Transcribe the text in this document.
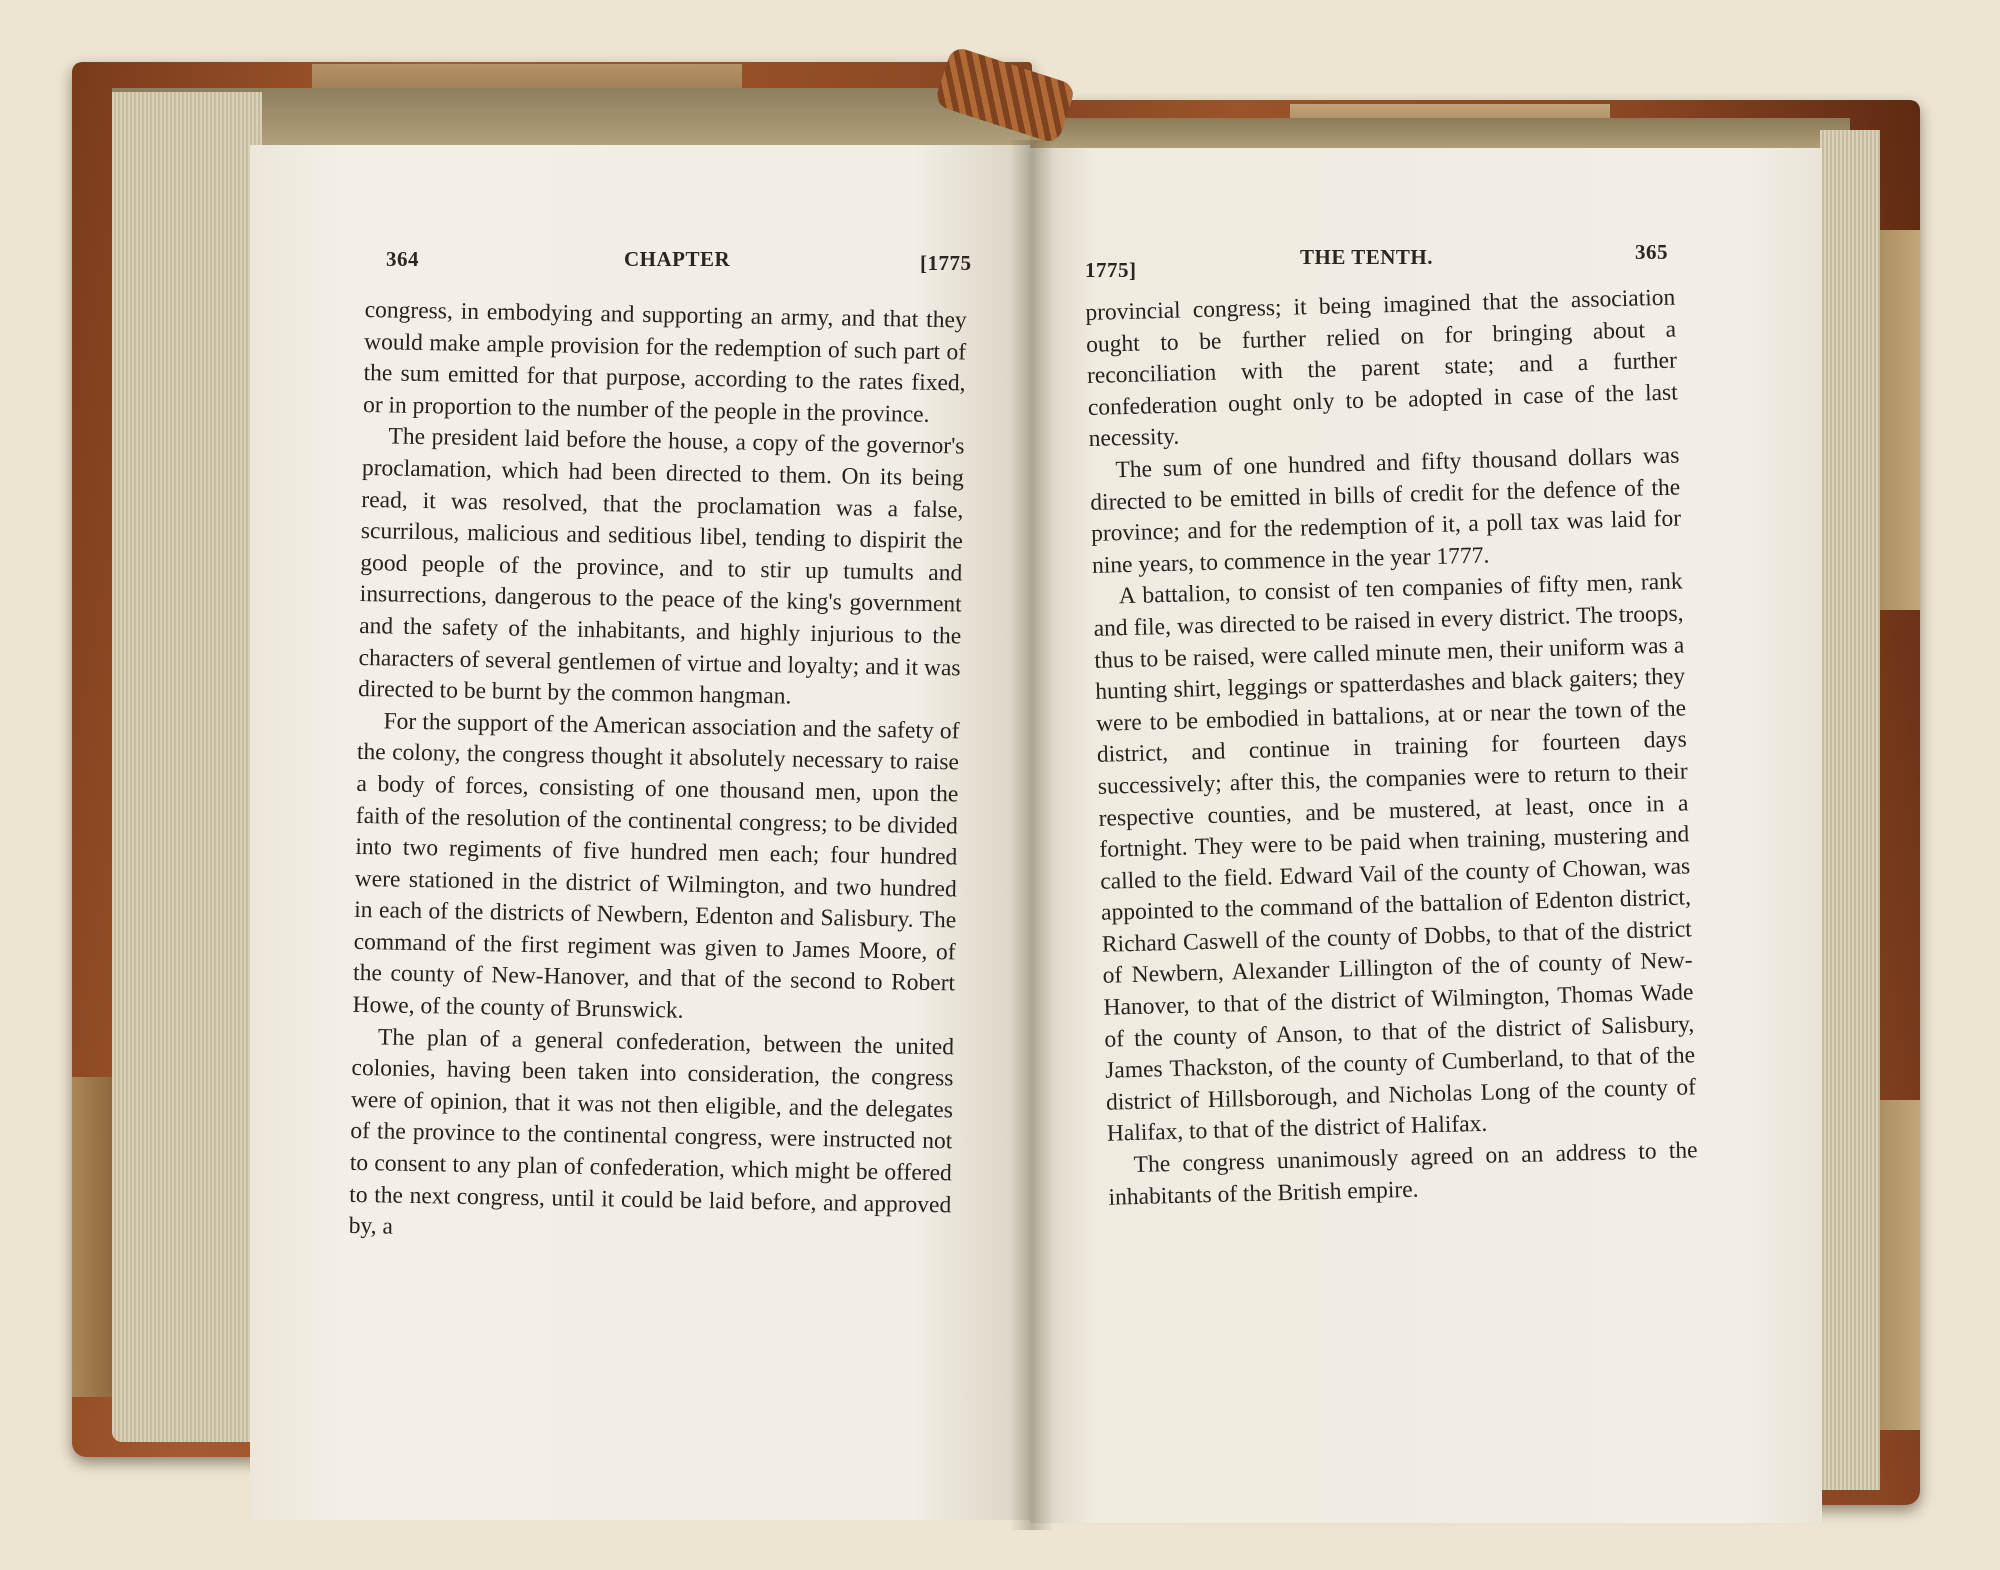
364	CHAPTER	[1775

congress, in embodying and supporting an army, and that they would make ample provision for the redemption of such part of the sum emitted for that purpose, according to the rates fixed, or in proportion to the number of the people in the province.

The president laid before the house, a copy of the governor's proclamation, which had been directed to them. On its being read, it was resolved, that the proclamation was a false, scurrilous, malicious and seditious libel, tending to dispirit the good people of the province, and to stir up tumults and insurrections, dangerous to the peace of the king's government and the safety of the inhabitants, and highly injurious to the characters of several gentlemen of virtue and loyalty; and it was directed to be burnt by the common hangman.

For the support of the American association and the safety of the colony, the congress thought it absolutely necessary to raise a body of forces, consisting of one thousand men, upon the faith of the resolution of the continental congress; to be divided into two regiments of five hundred men each; four hundred were stationed in the district of Wilmington, and two hundred in each of the districts of Newbern, Edenton and Salisbury. The command of the first regiment was given to James Moore, of the county of New-Hanover, and that of the second to Robert Howe, of the county of Brunswick.

The plan of a general confederation, between the united colonies, having been taken into consideration, the congress were of opinion, that it was not then eligible, and the delegates of the province to the continental congress, were instructed not to consent to any plan of confederation, which might be offered to the next congress, until it could be laid before, and approved by, a

1775]
THE TENTH.	365

provincial congress; it being imagined that the association ought to be further relied on for bringing about a reconciliation with the parent state; and a further confederation ought only to be adopted in case of the last necessity.

The sum of one hundred and fifty thousand dollars was directed to be emitted in bills of credit for the defence of the province; and for the redemption of it, a poll tax was laid for nine years, to commence in the year 1777.

A battalion, to consist of ten companies of fifty men, rank and file, was directed to be raised in every district. The troops, thus to be raised, were called minute men, their uniform was a hunting shirt, leggings or spatterdashes and black gaiters; they were to be embodied in battalions, at or near the town of the district, and continue in training for fourteen days successively; after this, the companies were to return to their respective counties, and be mustered, at least, once in a fortnight. They were to be paid when training, mustering and called to the field. Edward Vail of the county of Chowan, was appointed to the command of the battalion of Edenton district, Richard Caswell of the county of Dobbs, to that of the district of Newbern, Alexander Lillington of the of county of New-Hanover, to that of the district of Wilmington, Thomas Wade of the county of Anson, to that of the district of Salisbury, James Thackston, of the county of Cumberland, to that of the district of Hillsborough, and Nicholas Long of the county of Halifax, to that of the district of Halifax.

The congress unanimously agreed on an address to the inhabitants of the British empire.
